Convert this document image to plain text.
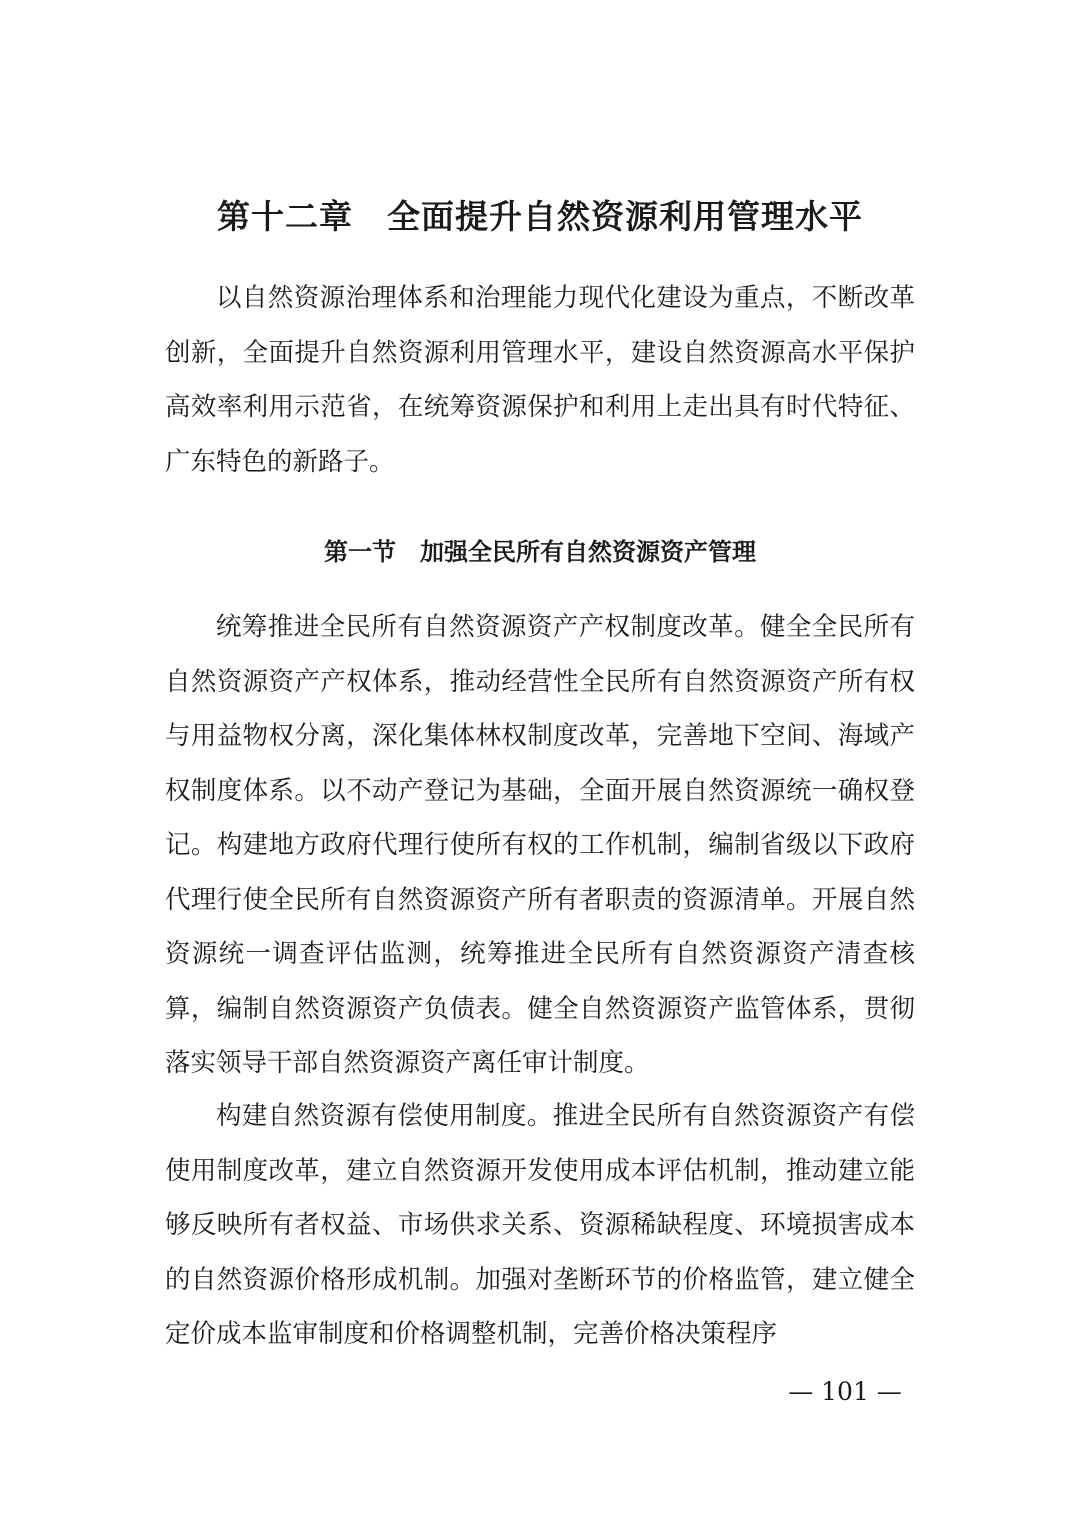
第十二章　全面提升自然资源利用管理水平

以自然资源治理体系和治理能力现代化建设为重点，不断改革创新，全面提升自然资源利用管理水平，建设自然资源高水平保护高效率利用示范省，在统筹资源保护和利用上走出具有时代特征、广东特色的新路子。

第一节　加强全民所有自然资源资产管理

统筹推进全民所有自然资源资产产权制度改革。健全全民所有自然资源资产产权体系，推动经营性全民所有自然资源资产所有权与用益物权分离，深化集体林权制度改革，完善地下空间、海域产权制度体系。以不动产登记为基础，全面开展自然资源统一确权登记。构建地方政府代理行使所有权的工作机制，编制省级以下政府代理行使全民所有自然资源资产所有者职责的资源清单。开展自然资源统一调查评估监测，统筹推进全民所有自然资源资产清查核算，编制自然资源资产负债表。健全自然资源资产监管体系，贯彻落实领导干部自然资源资产离任审计制度。

构建自然资源有偿使用制度。推进全民所有自然资源资产有偿使用制度改革，建立自然资源开发使用成本评估机制，推动建立能够反映所有者权益、市场供求关系、资源稀缺程度、环境损害成本的自然资源价格形成机制。加强对垄断环节的价格监管，建立健全定价成本监审制度和价格调整机制，完善价格决策程序

— 101 —
